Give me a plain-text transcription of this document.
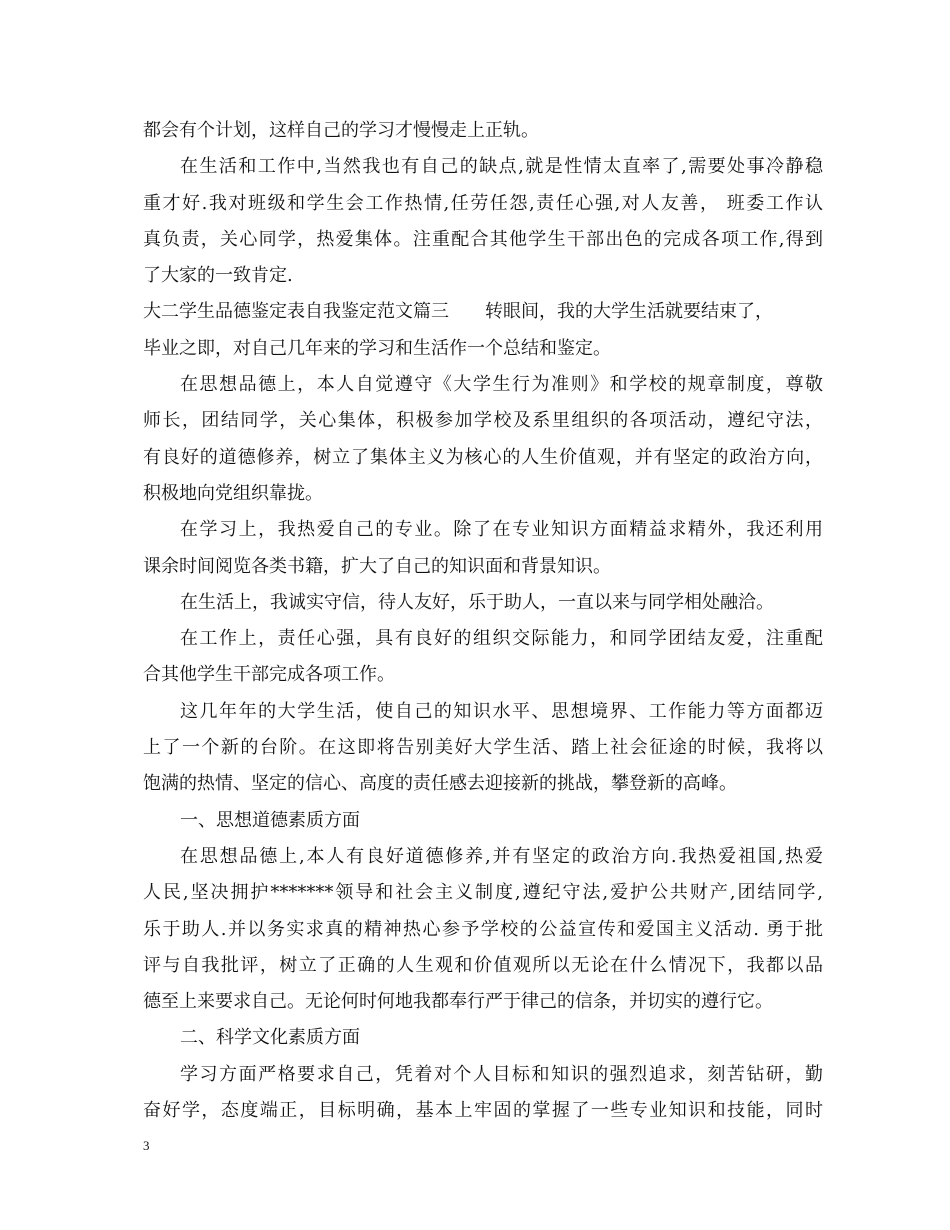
都会有个计划，这样自己的学习才慢慢走上正轨。
在生活和工作中,当然我也有自己的缺点,就是性情太直率了,需要处事冷静稳
重才好.我对班级和学生会工作热情,任劳任怨,责任心强,对人友善， 班委工作认
真负责，关心同学，热爱集体。注重配合其他学生干部出色的完成各项工作,得到
了大家的一致肯定.
大二学生品德鉴定表自我鉴定范文篇三　　转眼间，我的大学生活就要结束了，
毕业之即，对自己几年来的学习和生活作一个总结和鉴定。
在思想品德上，本人自觉遵守《大学生行为准则》和学校的规章制度，尊敬
师长，团结同学，关心集体，积极参加学校及系里组织的各项活动，遵纪守法，
有良好的道德修养，树立了集体主义为核心的人生价值观，并有坚定的政治方向，
积极地向党组织靠拢。
在学习上，我热爱自己的专业。除了在专业知识方面精益求精外，我还利用
课余时间阅览各类书籍，扩大了自己的知识面和背景知识。
在生活上，我诚实守信，待人友好，乐于助人，一直以来与同学相处融洽。
在工作上，责任心强，具有良好的组织交际能力，和同学团结友爱，注重配
合其他学生干部完成各项工作。
这几年年的大学生活，使自己的知识水平、思想境界、工作能力等方面都迈
上了一个新的台阶。在这即将告别美好大学生活、踏上社会征途的时候，我将以
饱满的热情、坚定的信心、高度的责任感去迎接新的挑战，攀登新的高峰。
一、思想道德素质方面
在思想品德上,本人有良好道德修养,并有坚定的政治方向.我热爱祖国,热爱
人民,坚决拥护*******领导和社会主义制度,遵纪守法,爱护公共财产,团结同学,
乐于助人.并以务实求真的精神热心参予学校的公益宣传和爱国主义活动. 勇于批
评与自我批评，树立了正确的人生观和价值观所以无论在什么情况下，我都以品
德至上来要求自己。无论何时何地我都奉行严于律己的信条，并切实的遵行它。
二、科学文化素质方面
学习方面严格要求自己，凭着对个人目标和知识的强烈追求，刻苦钻研，勤
奋好学，态度端正，目标明确，基本上牢固的掌握了一些专业知识和技能，同时
3
